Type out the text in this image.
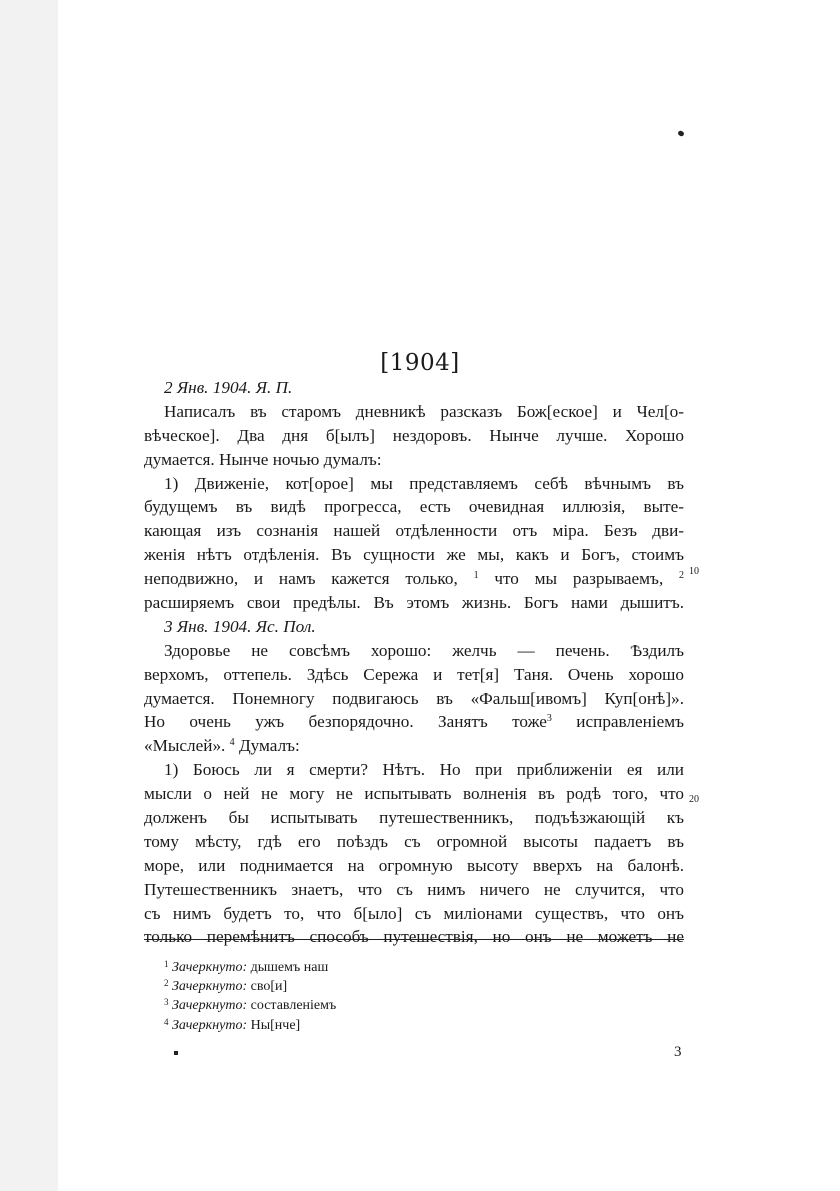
[1904]
2 Янв. 1904. Я. П.
Написалъ въ старомъ дневникѣ разсказъ Бож[еское] и Чел[о-
вѣческое]. Два дня б[ылъ] нездоровъ. Нынче лучше. Хорошо
думается. Нынче ночью думалъ:
1) Движеніе, кот[орое] мы представляемъ себѣ вѣчнымъ въ
будущемъ въ видѣ прогресса, есть очевидная иллюзія, выте-
кающая изъ сознанія нашей отдѣленности отъ міра. Безъ дви-
женія нѣтъ отдѣленія. Въ сущности же мы, какъ и Богъ, стоимъ
неподвижно, и намъ кажется только, $^1$ что мы разрываемъ, $^2$
расширяемъ свои предѣлы. Въ этомъ жизнь. Богъ нами дышитъ.
3 Янв. 1904. Яс. Пол.
Здоровье не совсѣмъ хорошо: желчь — печень. Ѣздилъ
верхомъ, оттепель. Здѣсь Сережа и тет[я] Таня. Очень хорошо
думается. Понемногу подвигаюсь въ «Фальш[ивомъ] Куп[онѣ]».
Но очень ужъ безпорядочно. Занятъ тоже$^3$ исправленіемъ
«Мыслей». $^4$ Думалъ:
1) Боюсь ли я смерти? Нѣтъ. Но при приближеніи ея или
мысли о ней не могу не испытывать волненія въ родѣ того, что
долженъ бы испытывать путешественникъ, подъѣзжающій къ
тому мѣсту, гдѣ его поѣздъ съ огромной высоты падаетъ въ
море, или поднимается на огромную высоту вверхъ на балонѣ.
Путешественникъ знаетъ, что съ нимъ ничего не случится, что
съ нимъ будетъ то, что б[ыло] съ миліонами существъ, что онъ
только перемѣнитъ способъ путешествія, но онъ не можетъ не
10
20
$^1$ Зачеркнуто: дышемъ наш
$^2$ Зачеркнуто: сво[и]
$^3$ Зачеркнуто: составленіемъ
$^4$ Зачеркнуто: Ны[нче]
3
